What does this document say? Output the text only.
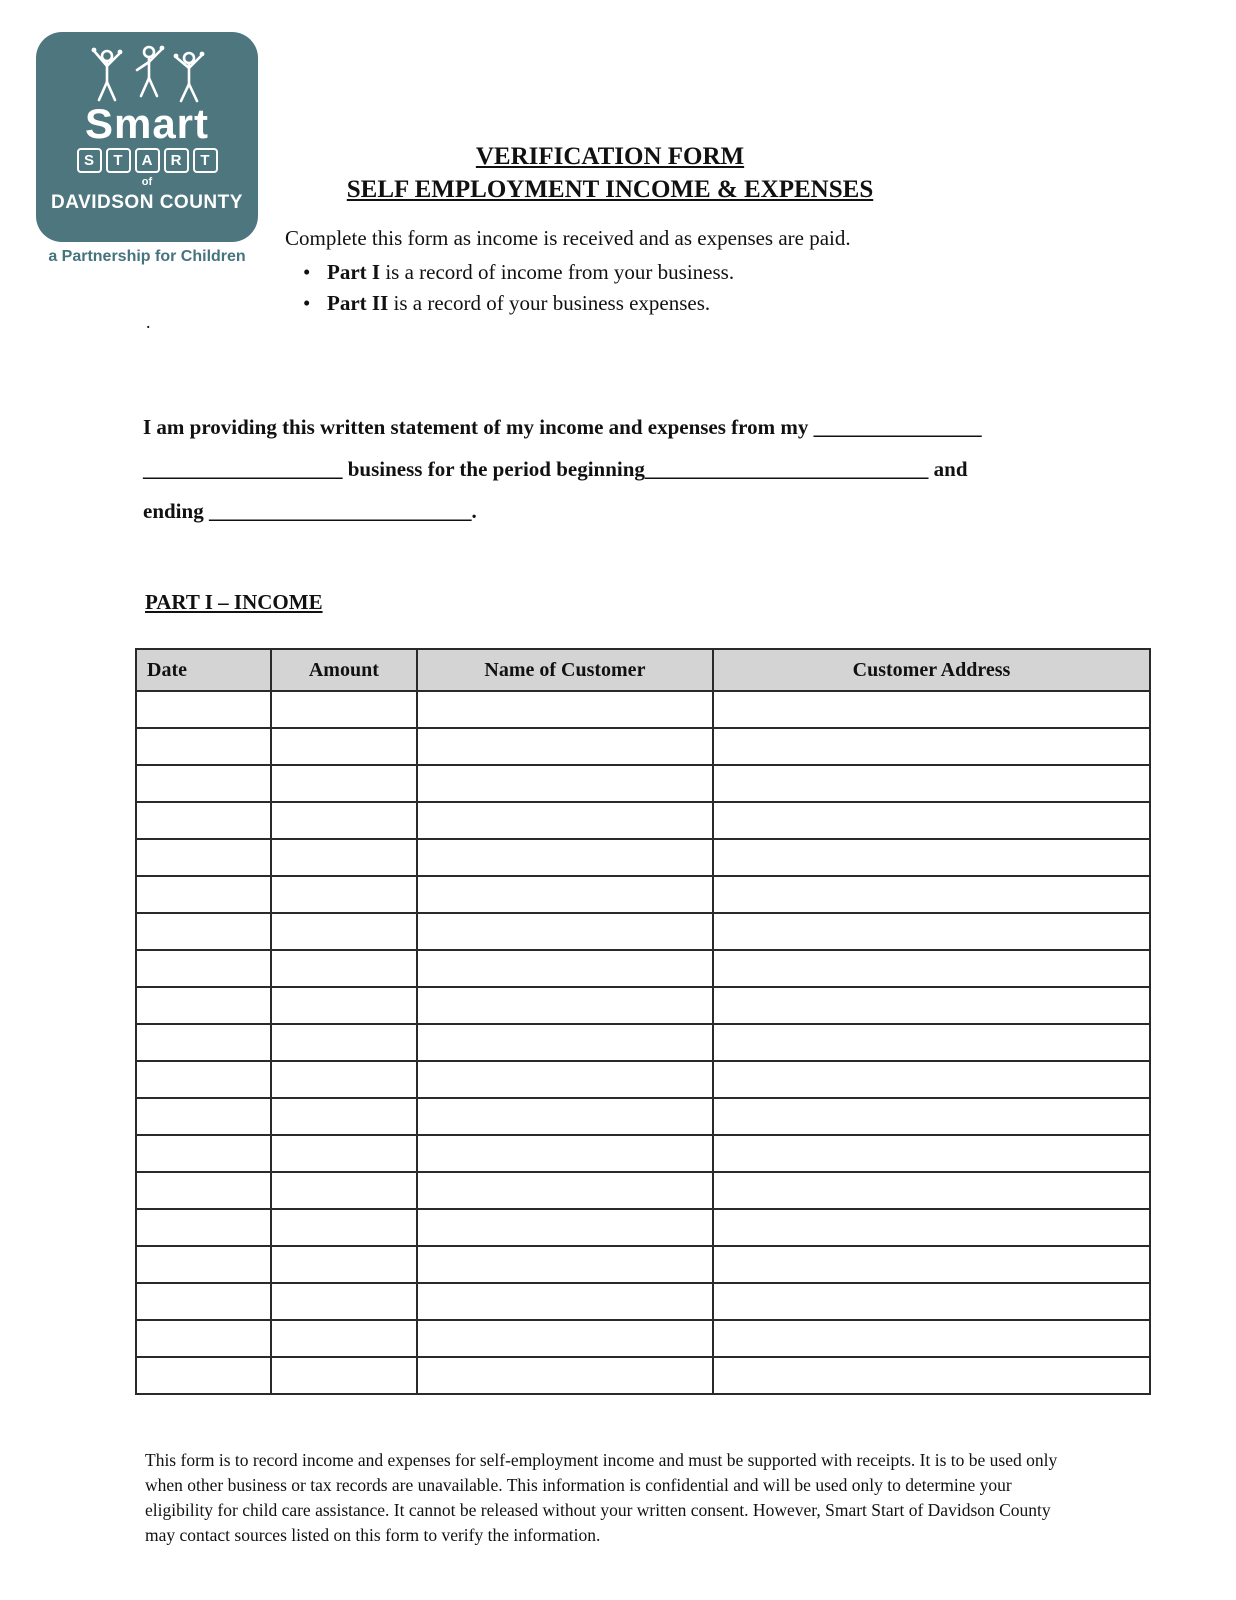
Smart
S	T	A	R	T
of
DAVIDSON COUNTY
a Partnership for Children
VERIFICATION FORM
SELF EMPLOYMENT INCOME & EXPENSES
Complete this form as income is received and as expenses are paid.
• Part I is a record of income from your business.
• Part II is a record of your business expenses.
.
I am providing this written statement of my income and expenses from my ________________
___________________ business for the period beginning___________________________ and
ending _________________________.
PART I – INCOME
Date	Amount	Name of Customer	Customer Address

This form is to record income and expenses for self-employment income and must be supported with receipts. It is to be used only when other business or tax records are unavailable. This information is confidential and will be used only to determine your eligibility for child care assistance. It cannot be released without your written consent. However, Smart Start of Davidson County may contact sources listed on this form to verify the information.
